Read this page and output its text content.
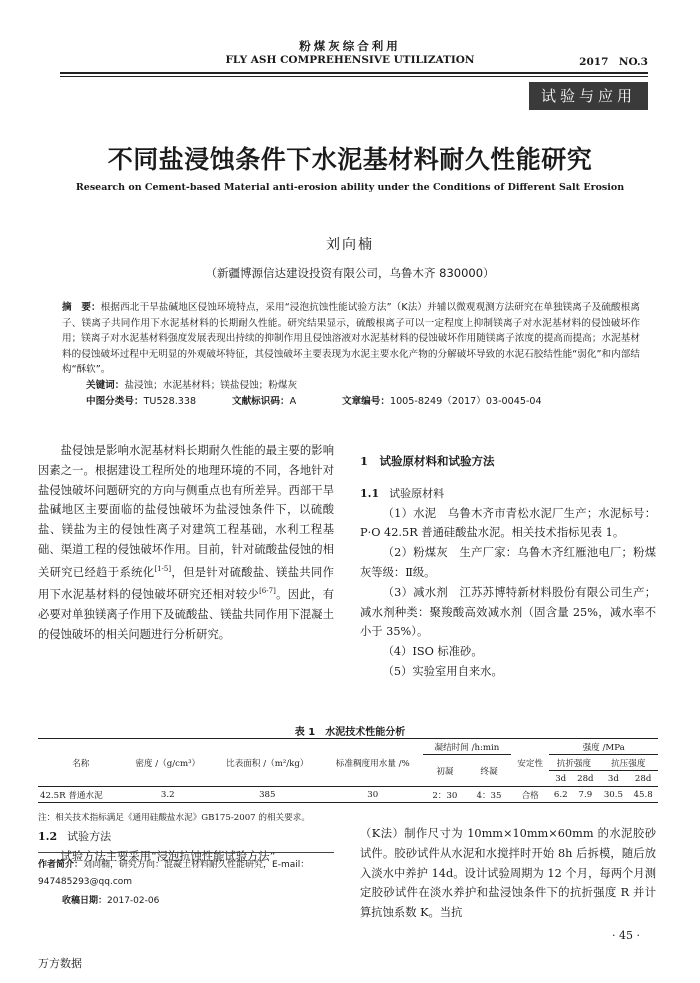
粉煤灰综合利用
FLY ASH COMPREHENSIVE UTILIZATION	2017　NO.3
试验与应用
不同盐浸蚀条件下水泥基材料耐久性能研究
Research on Cement-based Material anti-erosion ability under the Conditions of Different Salt Erosion
刘向楠
（新疆博源信达建设投资有限公司，乌鲁木齐 830000）
摘　要：根据西北干旱盐碱地区侵蚀环境特点，采用“浸泡抗蚀性能试验方法”（K法）并辅以微观观测方法研究在单独镁离子及硫酸根离子、镁离子共同作用下水泥基材料的长期耐久性能。研究结果显示，硫酸根离子可以一定程度上抑制镁离子对水泥基材料的侵蚀破坏作用；镁离子对水泥基材料强度发展表现出持续的抑制作用且侵蚀溶液对水泥基材料的侵蚀破坏作用随镁离子浓度的提高而提高；水泥基材料的侵蚀破坏过程中无明显的外观破坏特征，其侵蚀破坏主要表现为水泥主要水化产物的分解破坏导致的水泥石胶结性能“弱化”和内部结构“酥软”。
关键词：盐浸蚀；水泥基材料；镁盐侵蚀；粉煤灰
中图分类号：TU528.338	文献标识码：A	文章编号：1005-8249（2017）03-0045-04

盐侵蚀是影响水泥基材料长期耐久性能的最主要的影响因素之一。根据建设工程所处的地理环境的不同，各地针对盐侵蚀破坏问题研究的方向与侧重点也有所差异。西部干旱盐碱地区主要面临的盐侵蚀破坏为盐浸蚀条件下，以硫酸盐、镁盐为主的侵蚀性离子对建筑工程基础，水利工程基础、渠道工程的侵蚀破坏作用。目前，针对硫酸盐侵蚀的相关研究已经趋于系统化[1-5]，但是针对硫酸盐、镁盐共同作用下水泥基材料的侵蚀破坏研究还相对较少[6-7]。因此，有必要对单独镁离子作用下及硫酸盐、镁盐共同作用下混凝土的侵蚀破坏的相关问题进行分析研究。

1　试验原材料和试验方法
1.1 试验原材料

（1）水泥　乌鲁木齐市青松水泥厂生产；水泥标号：P·O 42.5R 普通硅酸盐水泥。相关技术指标见表 1。

（2）粉煤灰　生产厂家：乌鲁木齐红雁池电厂；粉煤灰等级：Ⅱ级。

（3）减水剂　江苏苏博特新材料股份有限公司生产；减水剂种类：聚羧酸高效减水剂（固含量 25%，减水率不小于 35%）。

（4）ISO 标准砂。

（5）实验室用自来水。

表 1　水泥技术性能分析
名称	密度 /（g/cm³）	比表面积 /（m²/kg）	标准稠度用水量 /%	凝结时间 /h:min		安定性	强度 /MPa			
				初凝	终凝		抗折强度		抗压强度	
							3d	28d	3d	28d
42.5R 普通水泥	3.2	385	30	2：30	4：35	合格	6.2	7.9	30.5	45.8
注：相关技术指标满足《通用硅酸盐水泥》GB175-2007 的相关要求。
1.2 试验方法

试验方法主要采用“浸泡抗蚀性能试验方法”

（K法）制作尺寸为 10mm×10mm×60mm 的水泥胶砂试件。胶砂试件从水泥和水搅拌时开始 8h 后拆模，随后放入淡水中养护 14d。设计试验周期为 12 个月，每两个月测定胶砂试件在淡水养护和盐浸蚀条件下的抗折强度 R 并计算抗蚀系数 K。当抗
作者简介：刘向楠，研究方向：混凝土材料耐久性能研究，E-mail：947485293@qq.com
收稿日期：2017-02-06
· 45 ·
万方数据
